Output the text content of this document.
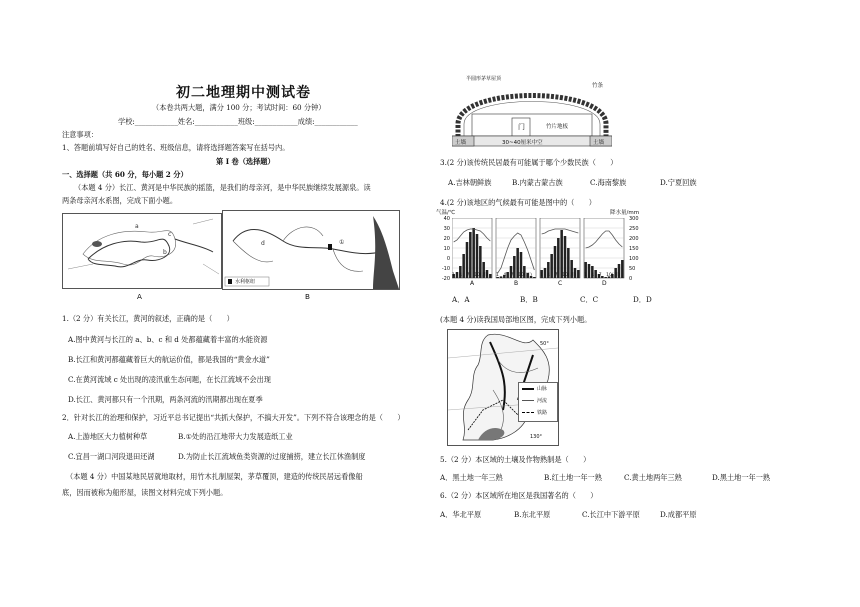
初二地理期中测试卷
（本卷共两大题，满分 100 分；考试时间：60 分钟）
学校:____________姓名:____________班级:____________成绩:____________
注意事项：
1、答题前填写好自己的姓名、班级信息，请将选择题答案写在括号内。
第 I 卷（选择题）
一、选择题（共 60 分，每小题 2 分）
（本题 4 分）长江、黄河是中华民族的摇篮，是我们的母亲河，是中华民族继续发展源泉。读
两条母亲河水系图，完成下面小题。
a
c
b
d	①
水利枢纽
A	B
1.（2 分）有关长江，黄河的叙述，正确的是（　　）
A.图中黄河与长江的 a、b、c 和 d 处都蕴藏着丰富的水能资源
B.长江和黄河都蕴藏着巨大的航运价值，都是我国的“黄金水道”
C.在黄河流域 c 处出现的凌汛重生态问题，在长江流域不会出现
D.长江、黄河都只有一个汛期，两条河流的汛期都出现在夏季
2．针对长江的治理和保护，习近平总书记提出“共抓大保护，不搞大开发”。下列不符合该理念的是（　　）
A.上游地区大力植树种草	B.①处的沿江地带大力发展造纸工业
C.宜昌一湖口河段退田还湖	D.为防止长江流域鱼类资源的过度捕捞，建立长江休渔制度
（本题 4 分）中国某地民居就地取材，用竹木扎制屋架，茅草覆顶，建造的传统民居远看像船
底，因而被称为船形屋，读图文材料完成下列小题。
半圆形茅草屋顶
竹条
门	竹片地板
土墙	土墙
30~40厘米中空
3.(2 分)该传统民居最有可能属于哪个少数民族（　　）
A.吉林朝鲜族	B.内蒙古蒙古族	C.海南黎族	D.宁夏回族
4.(2 分)该地区的气候最有可能是图中的（　　）
气温/℃	降水量/mm
40
30
20
10
0
-10
-20
300
250
200
150
100
50
0
1　4　7　10(月) 1　4　7　10(月) 1　4　7　10(月) 1　4　7　10(月)
A	B	C	D
A．A	B．B	C．C	D．D
(本题 4 分)读我国局部地区图，完成下列小题。
50°
130°
山脉
河流
铁路
5.（2 分）本区域的土壤及作物熟制是（　　）
A．黑土地一年三熟	B.红土地一年一熟	C.黄土地两年三熟	D.黑土地一年一熟
6.（2 分）本区域所在地区是我国著名的（　　）
A．华北平原	B.东北平原	C.长江中下游平原	D.成都平原
